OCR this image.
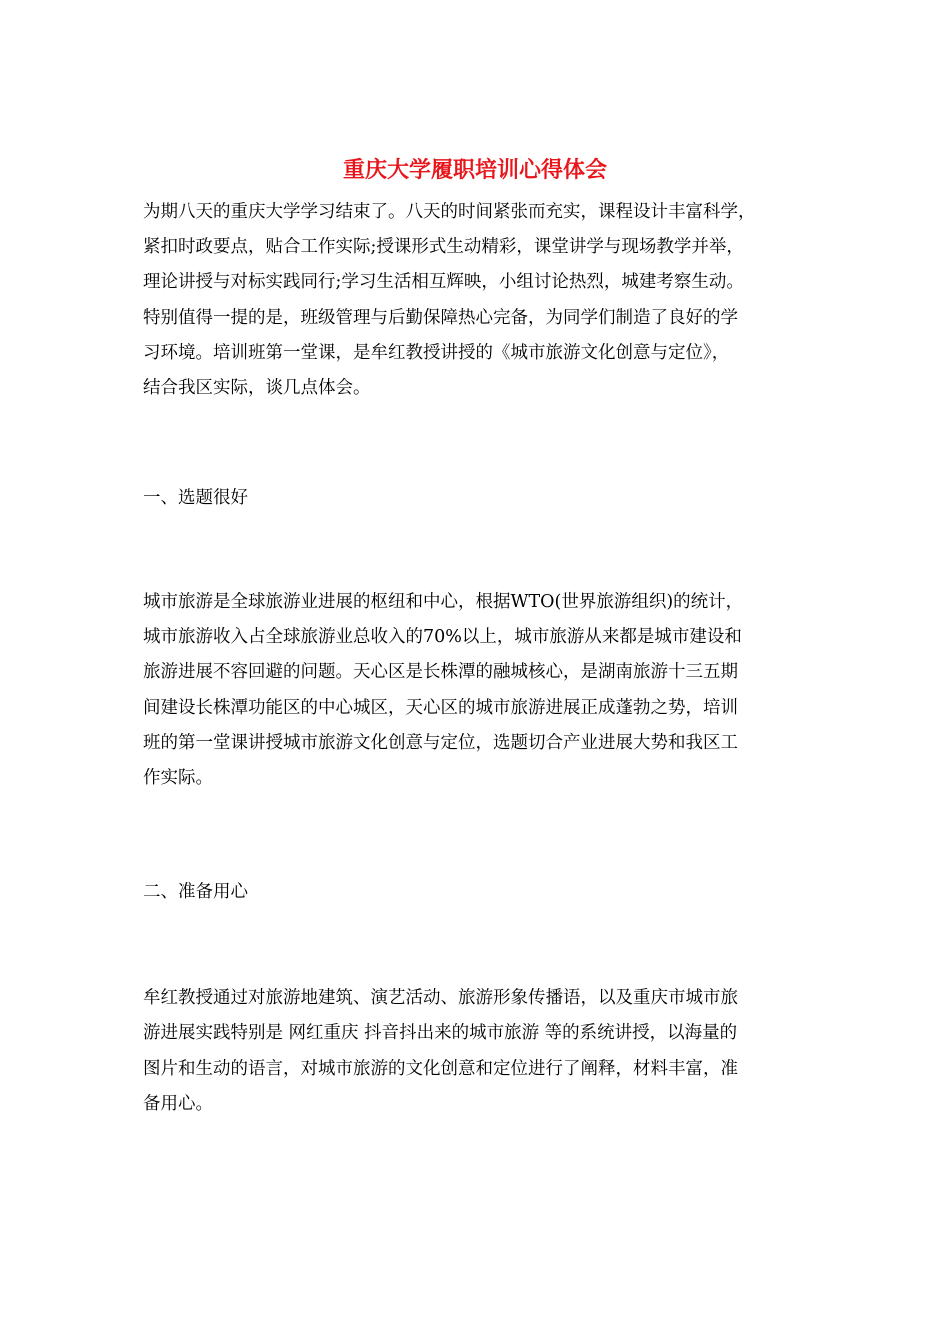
重庆大学履职培训心得体会

为期八天的重庆大学学习结束了。八天的时间紧张而充实，课程设计丰富科学，

紧扣时政要点，贴合工作实际;授课形式生动精彩，课堂讲学与现场教学并举，

理论讲授与对标实践同行;学习生活相互辉映，小组讨论热烈，城建考察生动。

特别值得一提的是，班级管理与后勤保障热心完备，为同学们制造了良好的学

习环境。培训班第一堂课，是牟红教授讲授的《城市旅游文化创意与定位》，

结合我区实际，谈几点体会。

一、选题很好

城市旅游是全球旅游业进展的枢纽和中心，根据WTO(世界旅游组织)的统计，

城市旅游收入占全球旅游业总收入的70%以上，城市旅游从来都是城市建设和

旅游进展不容回避的问题。天心区是长株潭的融城核心，是湖南旅游十三五期

间建设长株潭功能区的中心城区，天心区的城市旅游进展正成蓬勃之势，培训

班的第一堂课讲授城市旅游文化创意与定位，选题切合产业进展大势和我区工

作实际。

二、准备用心

牟红教授通过对旅游地建筑、演艺活动、旅游形象传播语，以及重庆市城市旅

游进展实践特别是 网红重庆 抖音抖出来的城市旅游 等的系统讲授，以海量的

图片和生动的语言，对城市旅游的文化创意和定位进行了阐释，材料丰富，准

备用心。
